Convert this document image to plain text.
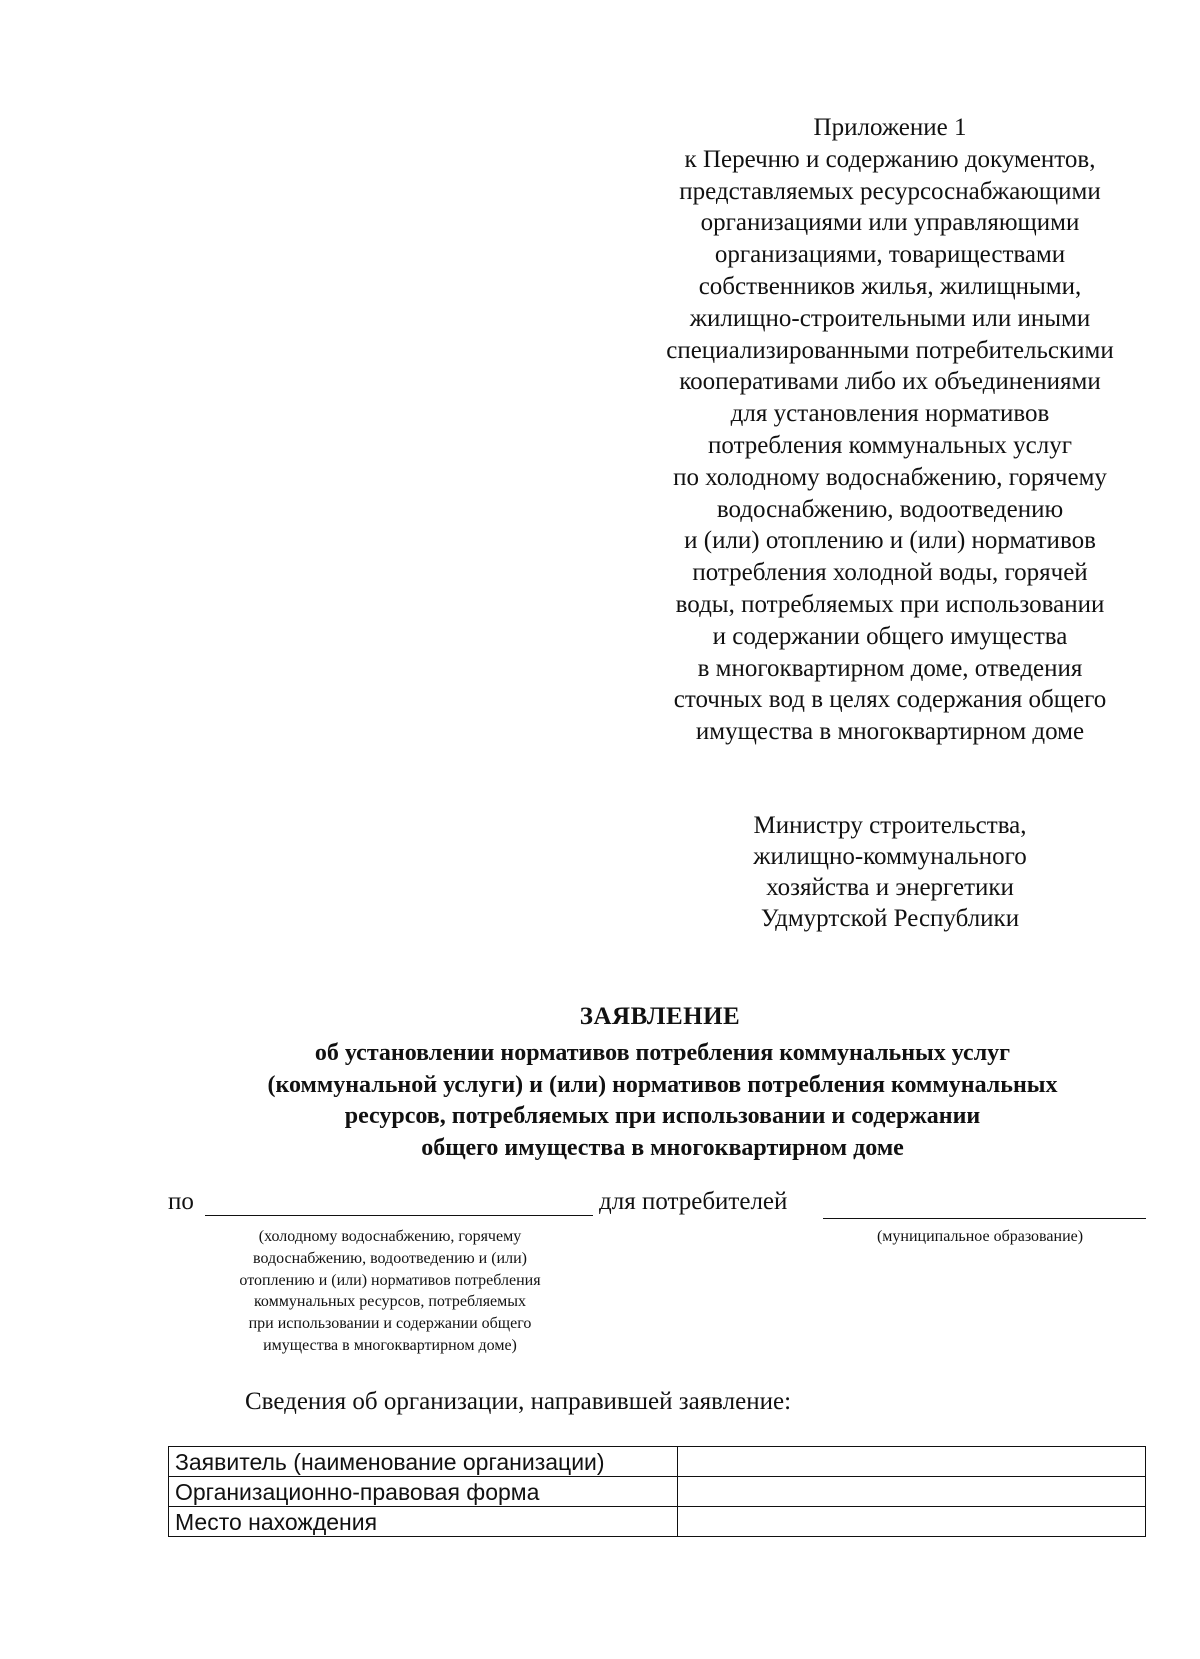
Приложение 1
к Перечню и содержанию документов,
представляемых ресурсоснабжающими
организациями или управляющими
организациями, товариществами
собственников жилья, жилищными,
жилищно-строительными или иными
специализированными потребительскими
кооперативами либо их объединениями
для установления нормативов
потребления коммунальных услуг
по холодному водоснабжению, горячему
водоснабжению, водоотведению
и (или) отоплению и (или) нормативов
потребления холодной воды, горячей
воды, потребляемых при использовании
и содержании общего имущества
в многоквартирном доме, отведения
сточных вод в целях содержания общего
имущества в многоквартирном доме
Министру строительства,
жилищно-коммунального
хозяйства и энергетики
Удмуртской Республики
ЗАЯВЛЕНИЕ
об установлении нормативов потребления коммунальных услуг
(коммунальной услуги) и (или) нормативов потребления коммунальных
ресурсов, потребляемых при использовании и содержании
общего имущества в многоквартирном доме
по	для потребителей
(холодному водоснабжению, горячему
водоснабжению, водоотведению и (или)
отоплению и (или) нормативов потребления
коммунальных ресурсов, потребляемых
при использовании и содержании общего
имущества в многоквартирном доме)
(муниципальное образование)
Сведения об организации, направившей заявление:
Заявитель (наименование организации)	
Организационно-правовая форма	
Место нахождения	
